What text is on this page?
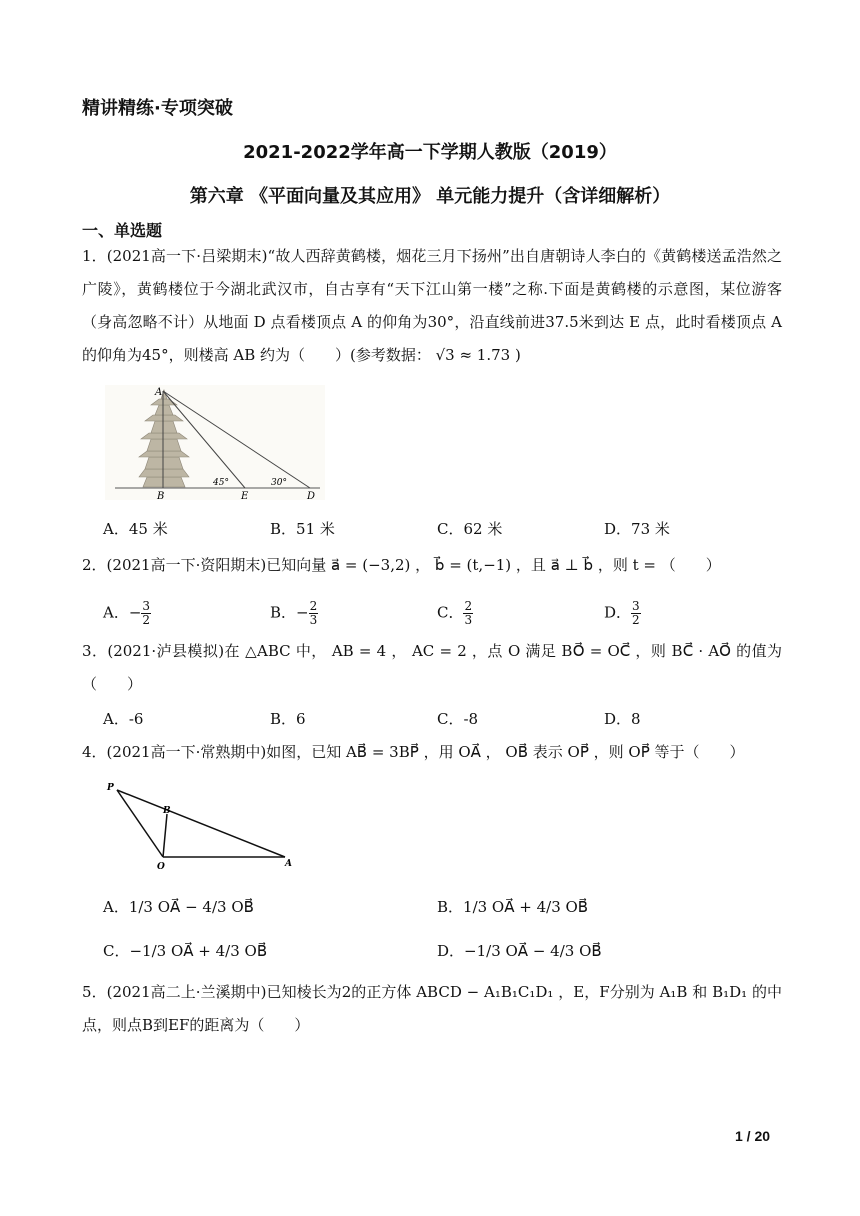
精讲精练·专项突破
2021-2022学年高一下学期人教版（2019）
第六章 《平面向量及其应用》 单元能力提升（含详细解析）
一、单选题
1．(2021高一下·吕梁期末)“故人西辞黄鹤楼，烟花三月下扬州”出自唐朝诗人李白的《黄鹤楼送孟浩然之广陵》，黄鹤楼位于今湖北武汉市，自古享有“天下江山第一楼”之称.下面是黄鹤楼的示意图，某位游客（身高忽略不计）从地面 D 点看楼顶点 A 的仰角为30°，沿直线前进37.5米到达 E 点，此时看楼顶点 A 的仰角为45°，则楼高 AB 约为（　　）(参考数据： √3 ≈ 1.73 )
A
B	E	D
45°	30°
A．45 米	B．51 米	C．62 米	D．73 米
2．(2021高一下·资阳期末)已知向量 a⃗ = (−3,2) ， b⃗ = (t,−1) ，且 a⃗ ⊥ b⃗ ，则 t = （　　）
A．− $\frac{3}{2}$	B．− $\frac{2}{3}$	C． $\frac{2}{3}$	D． $\frac{3}{2}$
3．(2021·泸县模拟)在 △ABC 中， AB = 4 ， AC = 2 ，点 O 满足 BO⃗ = OC⃗ ，则 BC⃗ · AO⃗ 的值为（　　）
A．-6	B．6	C．-8	D．8
4．(2021高一下·常熟期中)如图，已知 AB⃗ = 3BP⃗ ，用 OA⃗ ， OB⃗ 表示 OP⃗ ，则 OP⃗ 等于（　　）
P
B
O	A
A．1/3 OA⃗ − 4/3 OB⃗	B．1/3 OA⃗ + 4/3 OB⃗
C．−1/3 OA⃗ + 4/3 OB⃗	D．−1/3 OA⃗ − 4/3 OB⃗
5．(2021高二上·兰溪期中)已知棱长为2的正方体 ABCD − A₁B₁C₁D₁ ，E，F分别为 A₁B 和 B₁D₁ 的中点，则点B到EF的距离为（　　）
1 / 20
